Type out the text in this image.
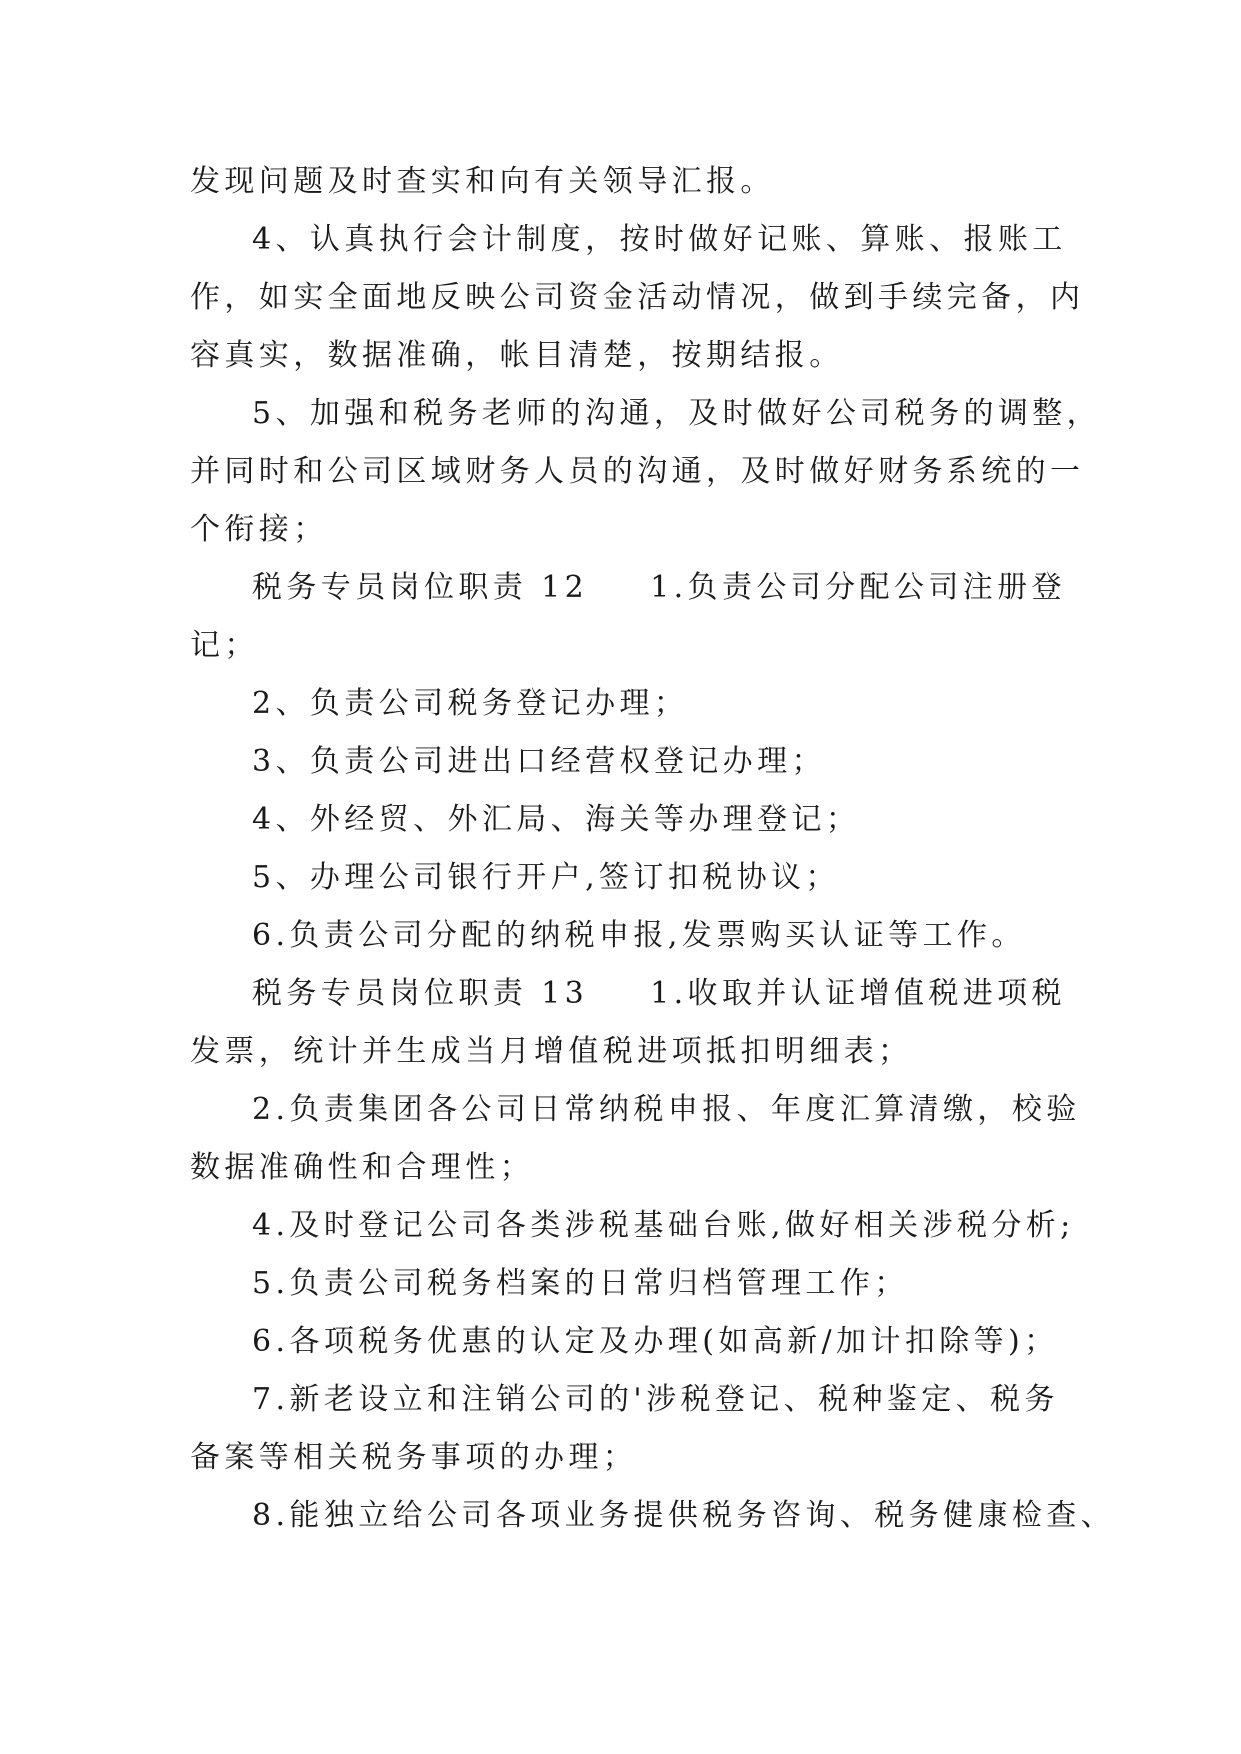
发现问题及时查实和向有关领导汇报。
4、认真执行会计制度，按时做好记账、算账、报账工
作，如实全面地反映公司资金活动情况，做到手续完备，内
容真实，数据准确，帐目清楚，按期结报。
5、加强和税务老师的沟通，及时做好公司税务的调整，
并同时和公司区域财务人员的沟通，及时做好财务系统的一
个衔接；
税务专员岗位职责 12 1.负责公司分配公司注册登
记；
2、负责公司税务登记办理；
3、负责公司进出口经营权登记办理；
4、外经贸、外汇局、海关等办理登记；
5、办理公司银行开户,签订扣税协议；
6.负责公司分配的纳税申报,发票购买认证等工作。
税务专员岗位职责 13 1.收取并认证增值税进项税
发票，统计并生成当月增值税进项抵扣明细表；
2.负责集团各公司日常纳税申报、年度汇算清缴，校验
数据准确性和合理性；
4.及时登记公司各类涉税基础台账,做好相关涉税分析;
5.负责公司税务档案的日常归档管理工作；
6.各项税务优惠的认定及办理(如高新/加计扣除等)；
7.新老设立和注销公司的'涉税登记、税种鉴定、税务
备案等相关税务事项的办理；
8.能独立给公司各项业务提供税务咨询、税务健康检查、
